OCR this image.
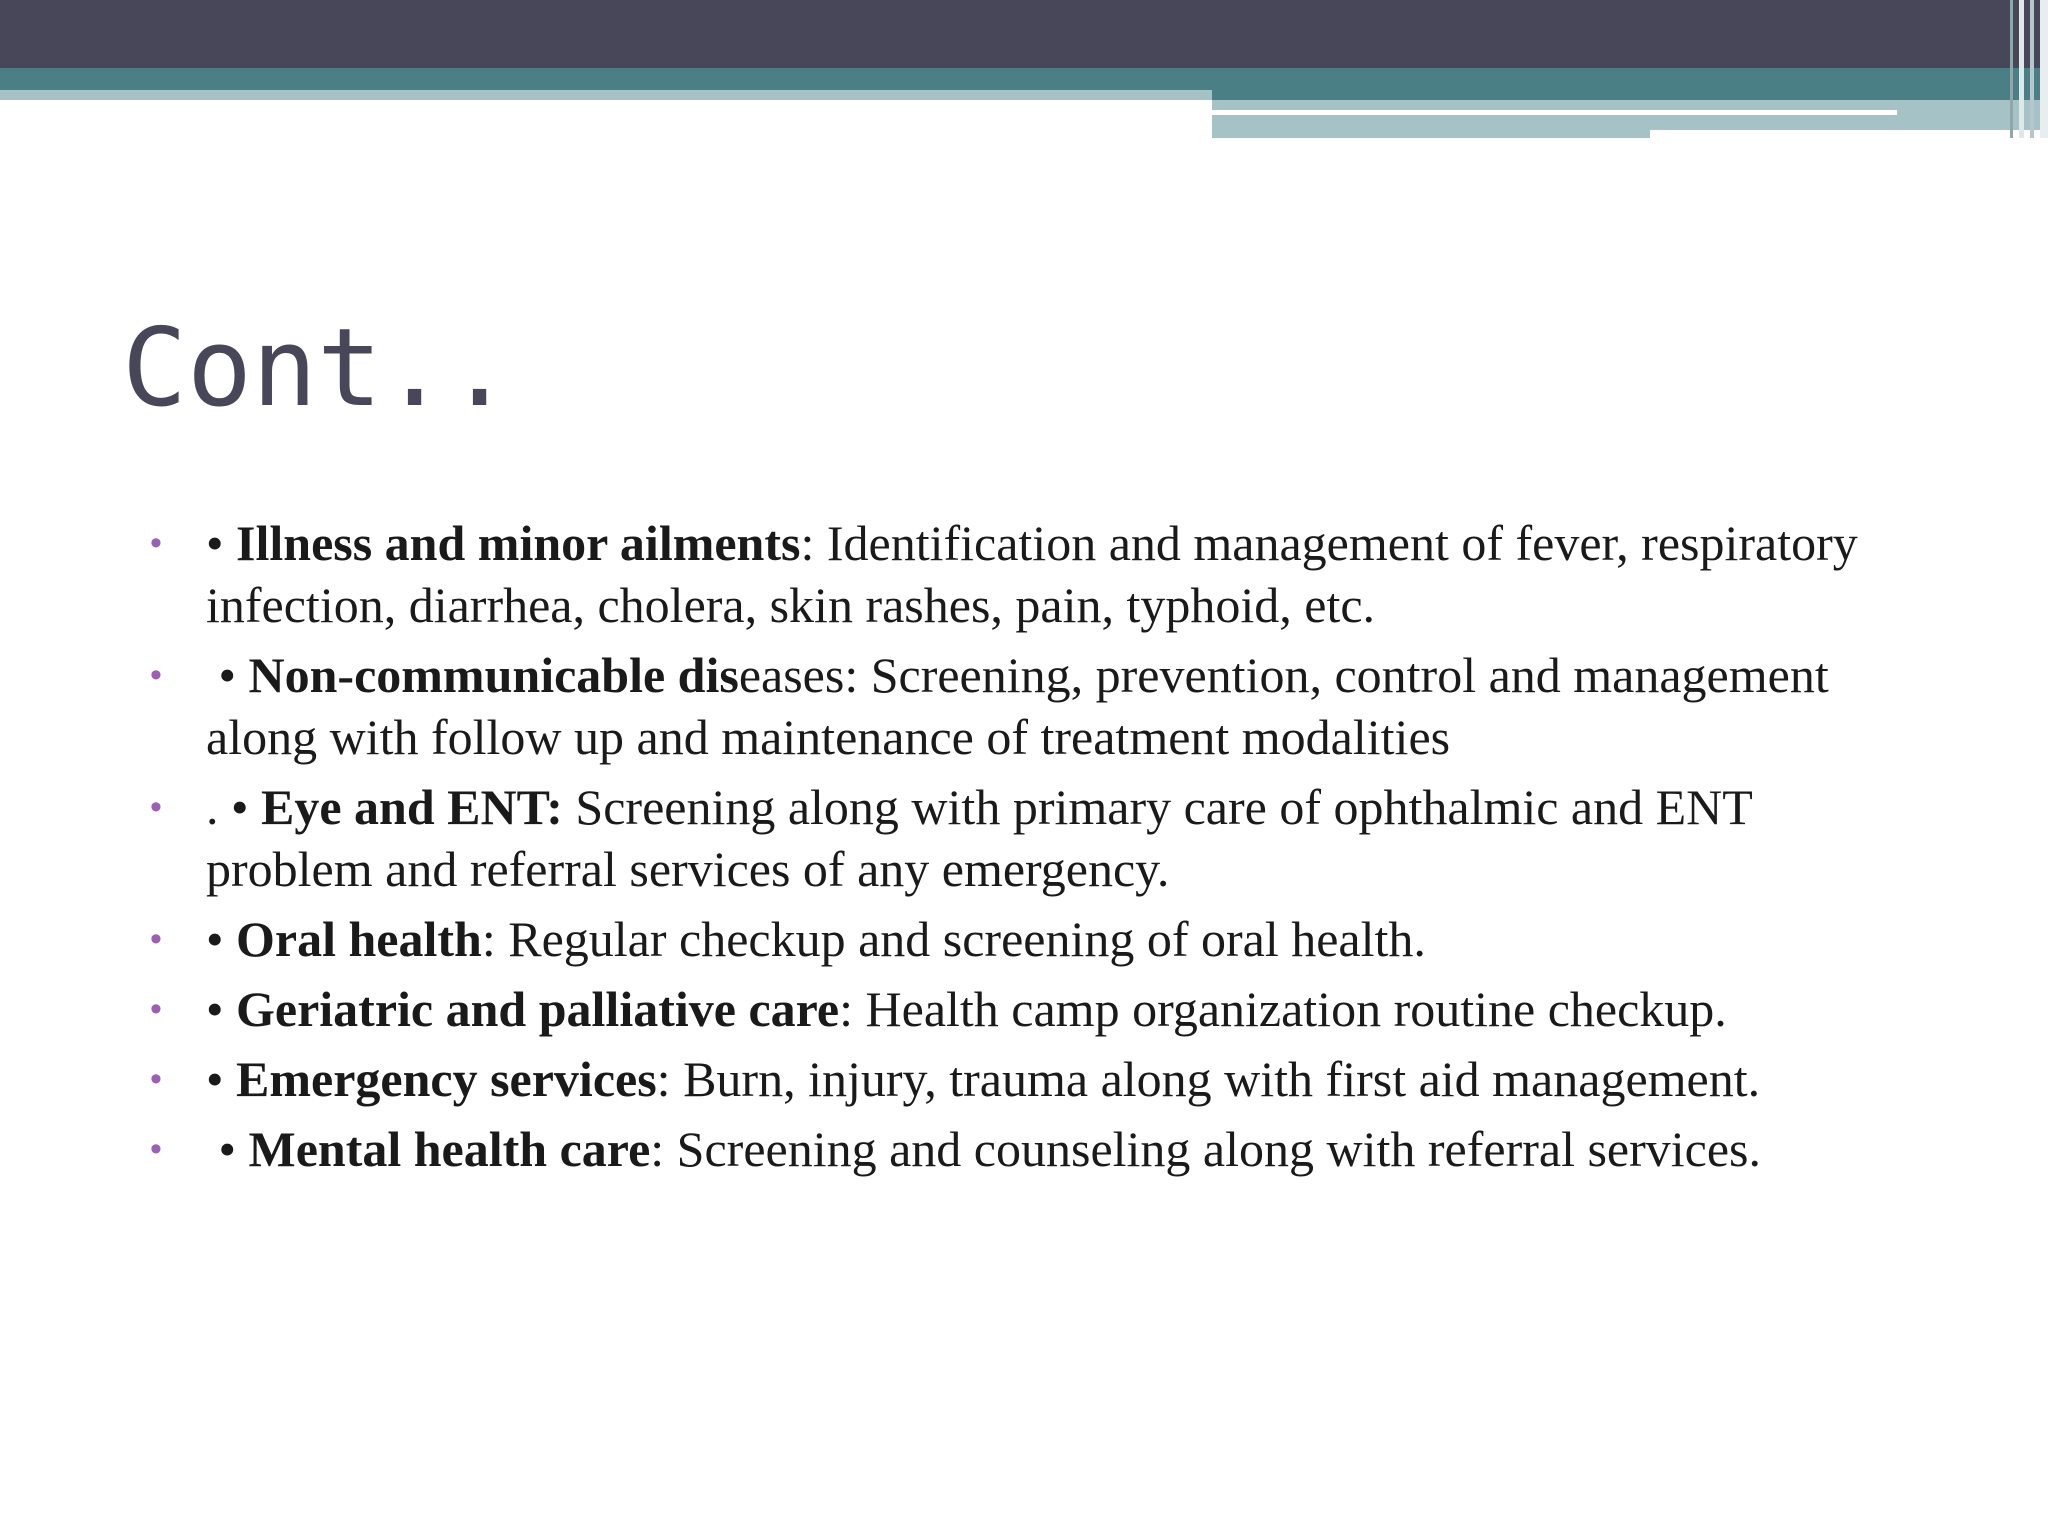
Cont..
• • Illness and minor ailments: Identification and management of fever, respiratory infection, diarrhea, cholera, skin rashes, pain, typhoid, etc.
• • Non-communicable diseases: Screening, prevention, control and management along with follow up and maintenance of treatment modalities
• . • Eye and ENT: Screening along with primary care of ophthalmic and ENT problem and referral services of any emergency.
• • Oral health: Regular checkup and screening of oral health.
• • Geriatric and palliative care: Health camp organization routine checkup.
• • Emergency services: Burn, injury, trauma along with first aid management.
• • Mental health care: Screening and counseling along with referral services.
